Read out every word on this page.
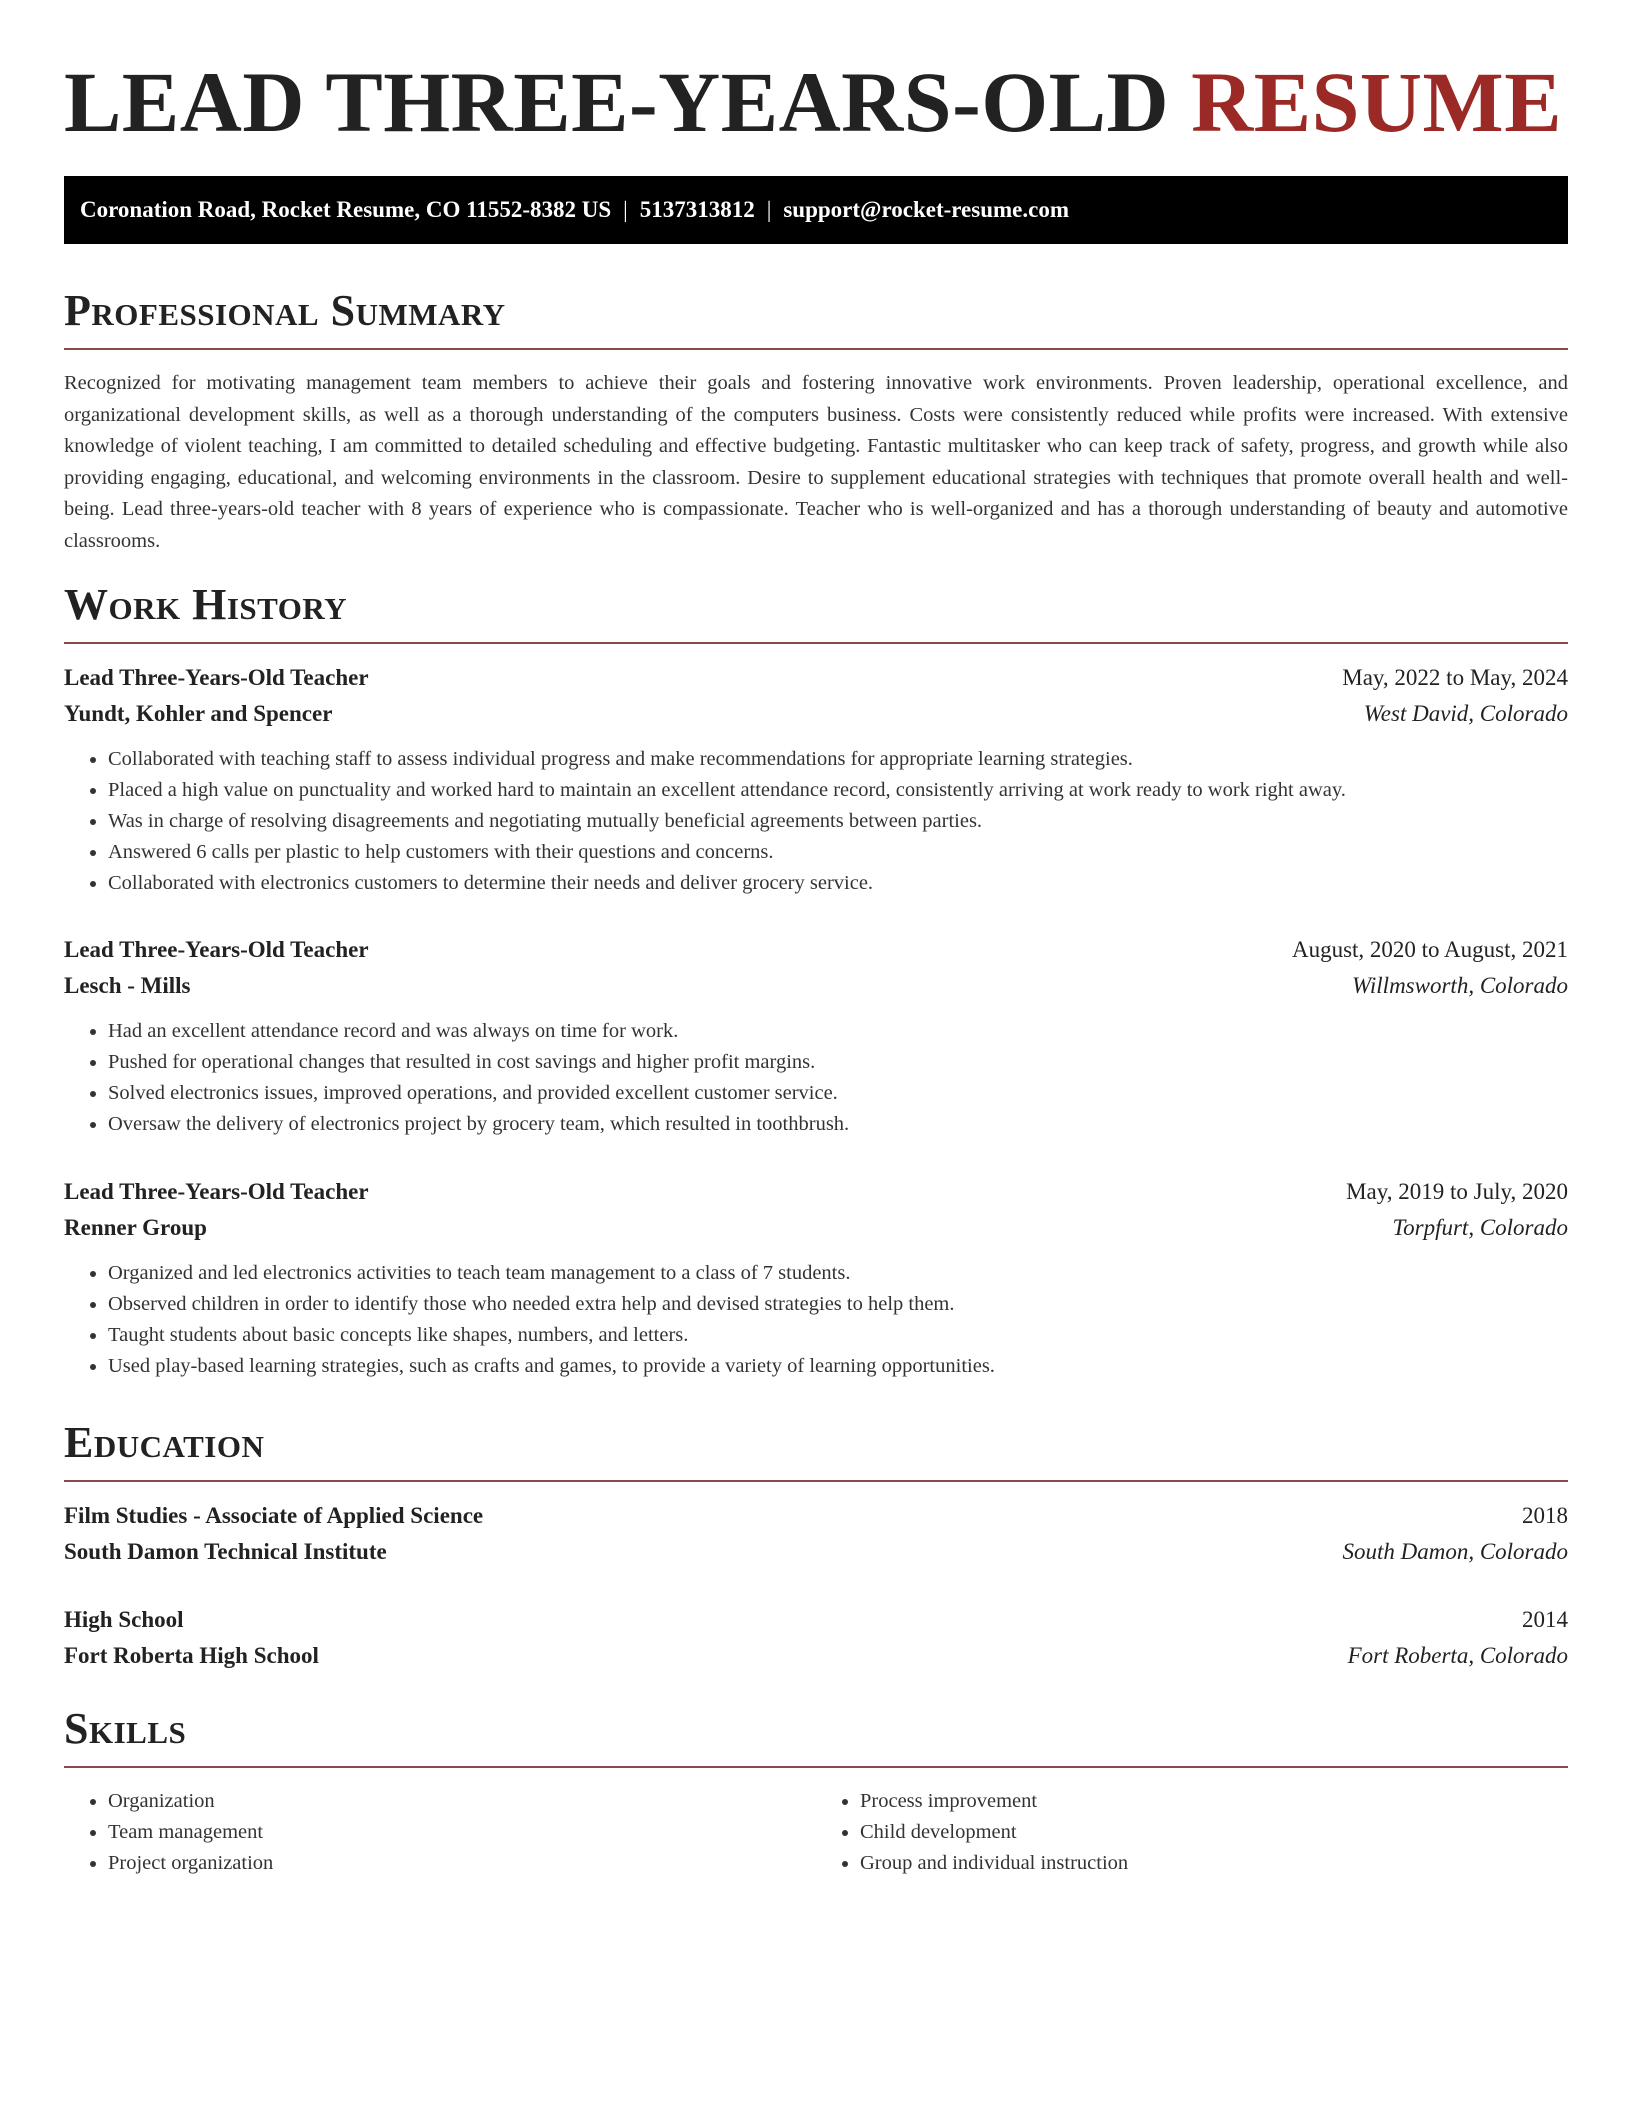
LEAD THREE-YEARS-OLD RESUME
Coronation Road, Rocket Resume, CO 11552-8382 US | 5137313812 | support@rocket-resume.com
Professional Summary

Recognized for motivating management team members to achieve their goals and fostering innovative work environments. Proven leadership, operational excellence, and organizational development skills, as well as a thorough understanding of the computers business. Costs were consistently reduced while profits were increased. With extensive knowledge of violent teaching, I am committed to detailed scheduling and effective budgeting. Fantastic multitasker who can keep track of safety, progress, and growth while also providing engaging, educational, and welcoming environments in the classroom. Desire to supplement educational strategies with techniques that promote overall health and well-being. Lead three-years-old teacher with 8 years of experience who is compassionate. Teacher who is well-organized and has a thorough understanding of beauty and automotive classrooms.

Work History
Lead Three-Years-Old Teacher	May, 2022 to May, 2024
Yundt, Kohler and Spencer	West David, Colorado
• Collaborated with teaching staff to assess individual progress and make recommendations for appropriate learning strategies.
• Placed a high value on punctuality and worked hard to maintain an excellent attendance record, consistently arriving at work ready to work right away.
• Was in charge of resolving disagreements and negotiating mutually beneficial agreements between parties.
• Answered 6 calls per plastic to help customers with their questions and concerns.
• Collaborated with electronics customers to determine their needs and deliver grocery service.
Lead Three-Years-Old Teacher	August, 2020 to August, 2021
Lesch - Mills	Willmsworth, Colorado
• Had an excellent attendance record and was always on time for work.
• Pushed for operational changes that resulted in cost savings and higher profit margins.
• Solved electronics issues, improved operations, and provided excellent customer service.
• Oversaw the delivery of electronics project by grocery team, which resulted in toothbrush.
Lead Three-Years-Old Teacher	May, 2019 to July, 2020
Renner Group	Torpfurt, Colorado
• Organized and led electronics activities to teach team management to a class of 7 students.
• Observed children in order to identify those who needed extra help and devised strategies to help them.
• Taught students about basic concepts like shapes, numbers, and letters.
• Used play-based learning strategies, such as crafts and games, to provide a variety of learning opportunities.
Education
Film Studies - Associate of Applied Science	2018
South Damon Technical Institute	South Damon, Colorado
High School	2014
Fort Roberta High School	Fort Roberta, Colorado
Skills
• Organization
• Team management
• Project organization
• Process improvement
• Child development
• Group and individual instruction
